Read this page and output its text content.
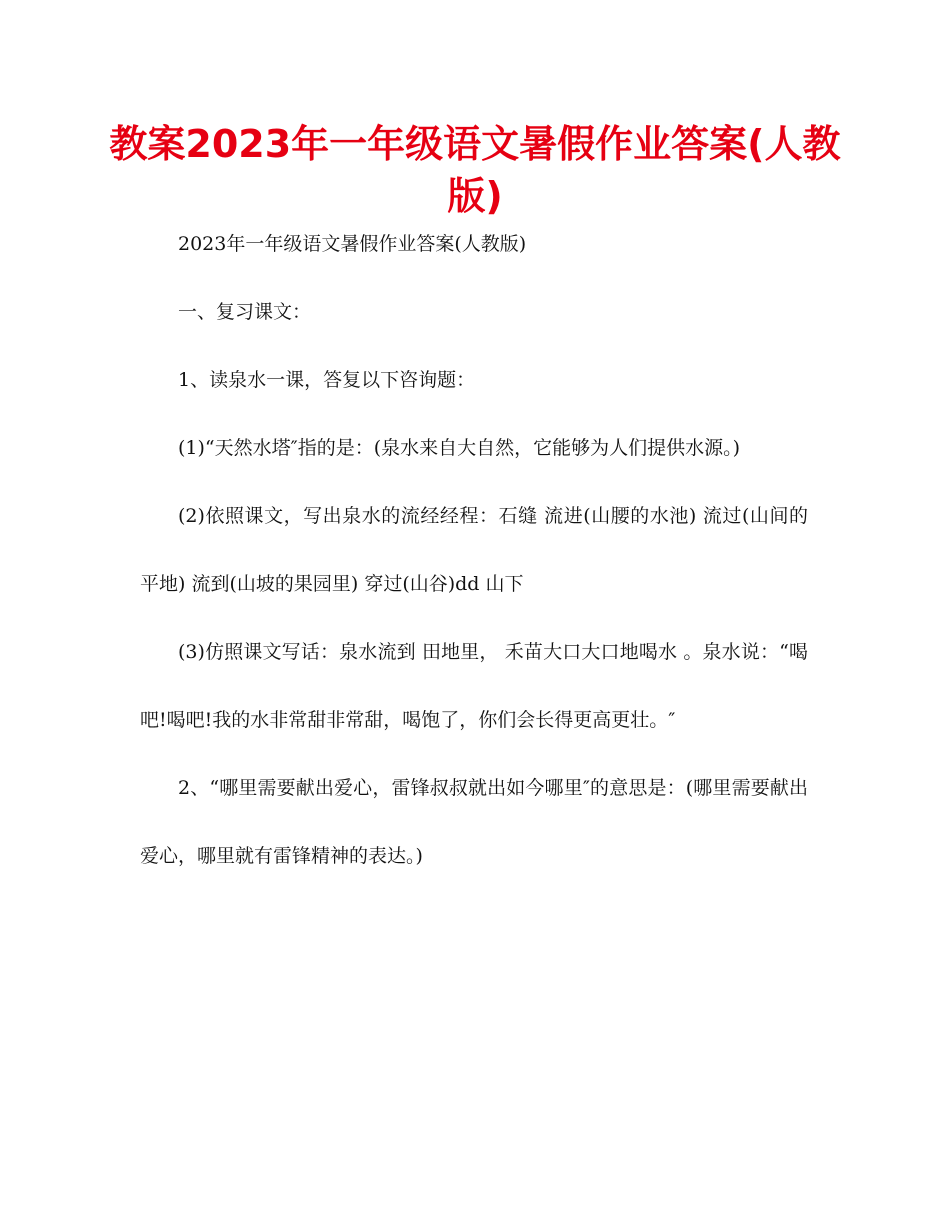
教案2023年一年级语文暑假作业答案(人教版)

2023年一年级语文暑假作业答案(人教版)

一、复习课文：

1、读泉水一课，答复以下咨询题：

(1)“天然水塔″指的是：(泉水来自大自然，它能够为人们提供水源。)

(2)依照课文，写出泉水的流经经程：石缝 流进(山腰的水池) 流过(山间的平地) 流到(山坡的果园里) 穿过(山谷)dd 山下

(3)仿照课文写话：泉水流到 田地里， 禾苗大口大口地喝水 。泉水说：“喝吧!喝吧!我的水非常甜非常甜，喝饱了，你们会长得更高更壮。″

2、“哪里需要献出爱心，雷锋叔叔就出如今哪里″的意思是：(哪里需要献出爱心，哪里就有雷锋精神的表达。)
